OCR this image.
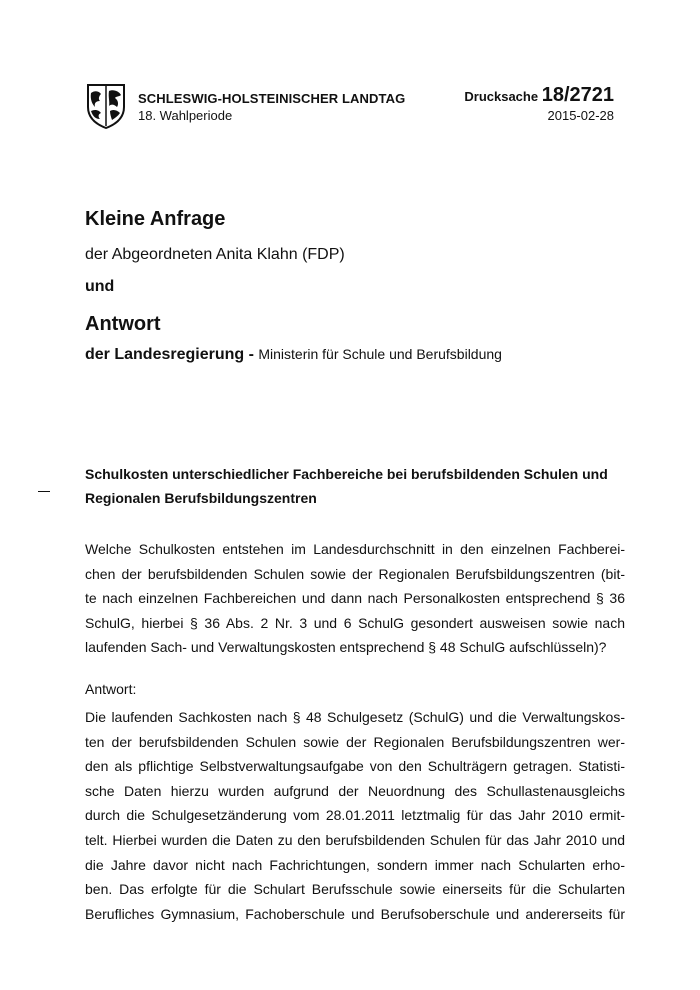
SCHLESWIG-HOLSTEINISCHER LANDTAG
18. Wahlperiode
Drucksache 18/2721
2015-02-28
Kleine Anfrage
der Abgeordneten Anita Klahn (FDP)
und
Antwort
der Landesregierung - Ministerin für Schule und Berufsbildung
Schulkosten unterschiedlicher Fachbereiche bei berufsbildenden Schulen und
Regionalen Berufsbildungszentren
Welche Schulkosten entstehen im Landesdurchschnitt in den einzelnen Fachberei-
chen der berufsbildenden Schulen sowie der Regionalen Berufsbildungszentren (bit-
te nach einzelnen Fachbereichen und dann nach Personalkosten entsprechend § 36
SchulG, hierbei § 36 Abs. 2 Nr. 3 und 6 SchulG gesondert ausweisen sowie nach
laufenden Sach- und Verwaltungskosten entsprechend § 48 SchulG aufschlüsseln)?
Antwort:
Die laufenden Sachkosten nach § 48 Schulgesetz (SchulG) und die Verwaltungskos-
ten der berufsbildenden Schulen sowie der Regionalen Berufsbildungszentren wer-
den als pflichtige Selbstverwaltungsaufgabe von den Schulträgern getragen. Statisti-
sche Daten hierzu wurden aufgrund der Neuordnung des Schullastenausgleichs
durch die Schulgesetzänderung vom 28.01.2011 letztmalig für das Jahr 2010 ermit-
telt. Hierbei wurden die Daten zu den berufsbildenden Schulen für das Jahr 2010 und
die Jahre davor nicht nach Fachrichtungen, sondern immer nach Schularten erho-
ben. Das erfolgte für die Schulart Berufsschule sowie einerseits für die Schularten
Berufliches Gymnasium, Fachoberschule und Berufsoberschule und andererseits für
